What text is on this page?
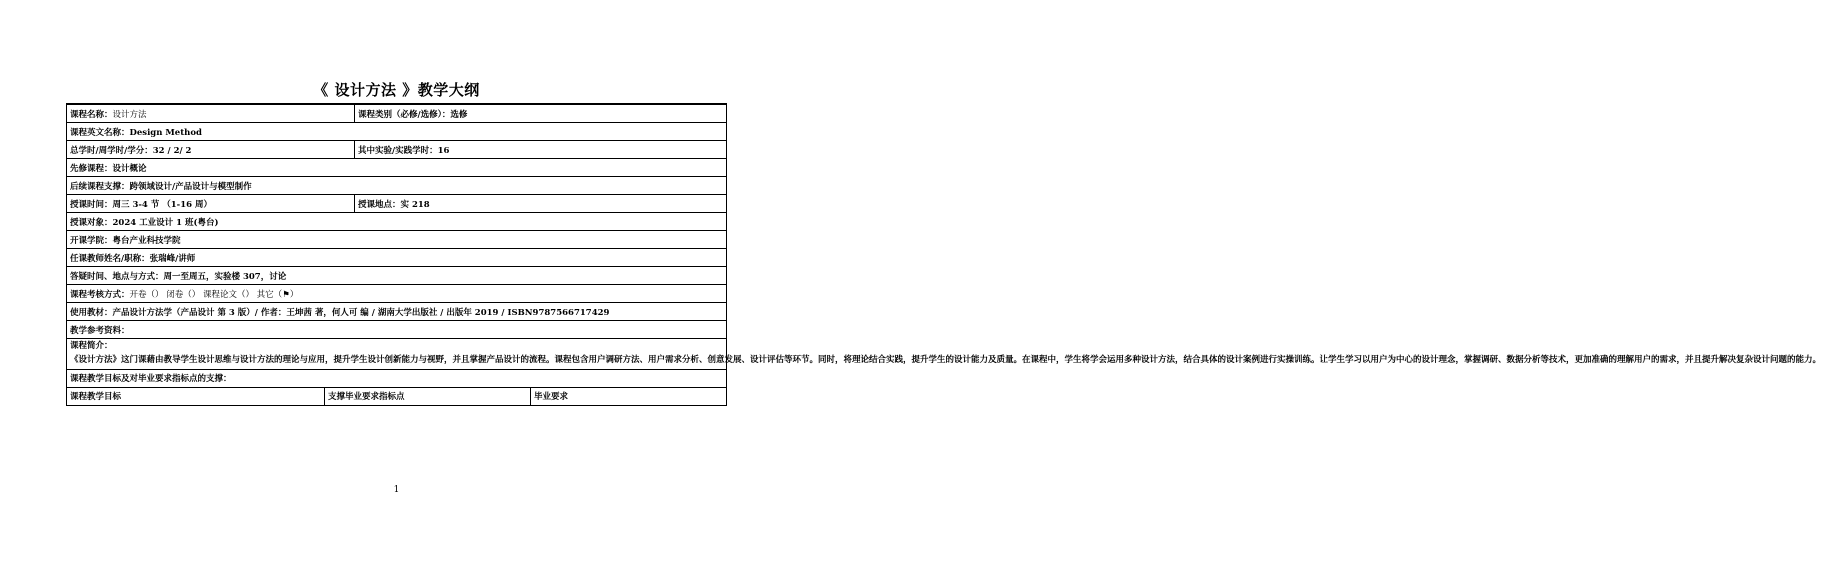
《 设计方法 》教学大纲
课程名称：设计方法		课程类别（必修/选修）：选修	
课程英文名称：Design Method			
总学时/周学时/学分：32 / 2/ 2		其中实验/实践学时：16	
先修课程：设计概论			
后续课程支撑：跨领域设计/产品设计与模型制作			
授课时间：周三 3-4 节 （1-16 周）		授课地点：实 218	
授课对象：2024 工业设计 1 班(粤台)			
开课学院：粤台产业科技学院			
任课教师姓名/职称：张瑞峰/讲师			
答疑时间、地点与方式：周一至周五，实验楼 307，讨论			
课程考核方式：开卷（） 闭卷（） 课程论文（） 其它（⚑）			
使用教材：产品设计方法学（产品设计 第 3 版）/ 作者：王坤茜 著，何人可 编 / 湖南大学出版社 / 出版年 2019 / ISBN9787566717429			
教学参考资料：			

课程简介：
《设计方法》这门课藉由教导学生设计思维与设计方法的理论与应用，提升学生设计创新能力与视野，并且掌握产品设计的流程。课程包含用户调研方法、用户需求分析、创意发展、设计评估等环节。同时，将理论结合实践，提升学生的设计能力及质量。在课程中，学生将学会运用多种设计方法，结合具体的设计案例进行实操训练。让学生学习以用户为中心的设计理念，掌握调研、数据分析等技术，更加准确的理解用户的需求，并且提升解决复杂设计问题的能力。			

课程教学目标及对毕业要求指标点的支撑：			
课程教学目标	支撑毕业要求指标点		毕业要求
1
